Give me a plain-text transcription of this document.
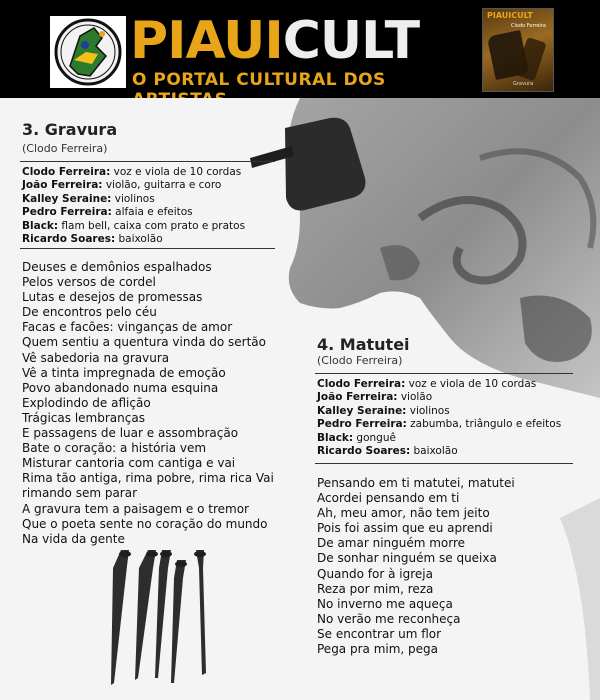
PIAUICULT
O PORTAL CULTURAL DOS
PIAUICULT
Clodo Ferreira
Gravura
3. Gravura
(Clodo Ferreira)
Clodo Ferreira: voz e viola de 10 cordas
João Ferreira: violão, guitarra e coro
Kalley Seraine: violinos
Pedro Ferreira: alfaia e efeitos
Black: flam bell, caixa com prato e pratos
Ricardo Soares: baixolão
Deuses e demônios espalhados
Pelos versos de cordel
Lutas e desejos de promessas
De encontros pelo céu
Facas e facões: vinganças de amor
Quem sentiu a quentura vinda do sertão
Vê sabedoria na gravura
Vê a tinta impregnada de emoção
Povo abandonado numa esquina
Explodindo de aflição
Trágicas lembranças
E passagens de luar e assombração
Bate o coração: a história vem
Misturar cantoria com cantiga e vai
Rima tão antiga, rima pobre, rima rica Vai
rimando sem parar
A gravura tem a paisagem e o tremor
Que o poeta sente no coração do mundo
Na vida da gente
4. Matutei
(Clodo Ferreira)
Clodo Ferreira: voz e viola de 10 cordas
João Ferreira: violão
Kalley Seraine: violinos
Pedro Ferreira: zabumba, triângulo e efeitos
Black: gonguê
Ricardo Soares: baixolão
Pensando em ti matutei, matutei
Acordei pensando em ti
Ah, meu amor, não tem jeito
Pois foi assim que eu aprendi
De amar ninguém morre
De sonhar ninguém se queixa
Quando for à igreja
Reza por mim, reza
No inverno me aqueça
No verão me reconheça
Se encontrar um flor
Pega pra mim, pega
